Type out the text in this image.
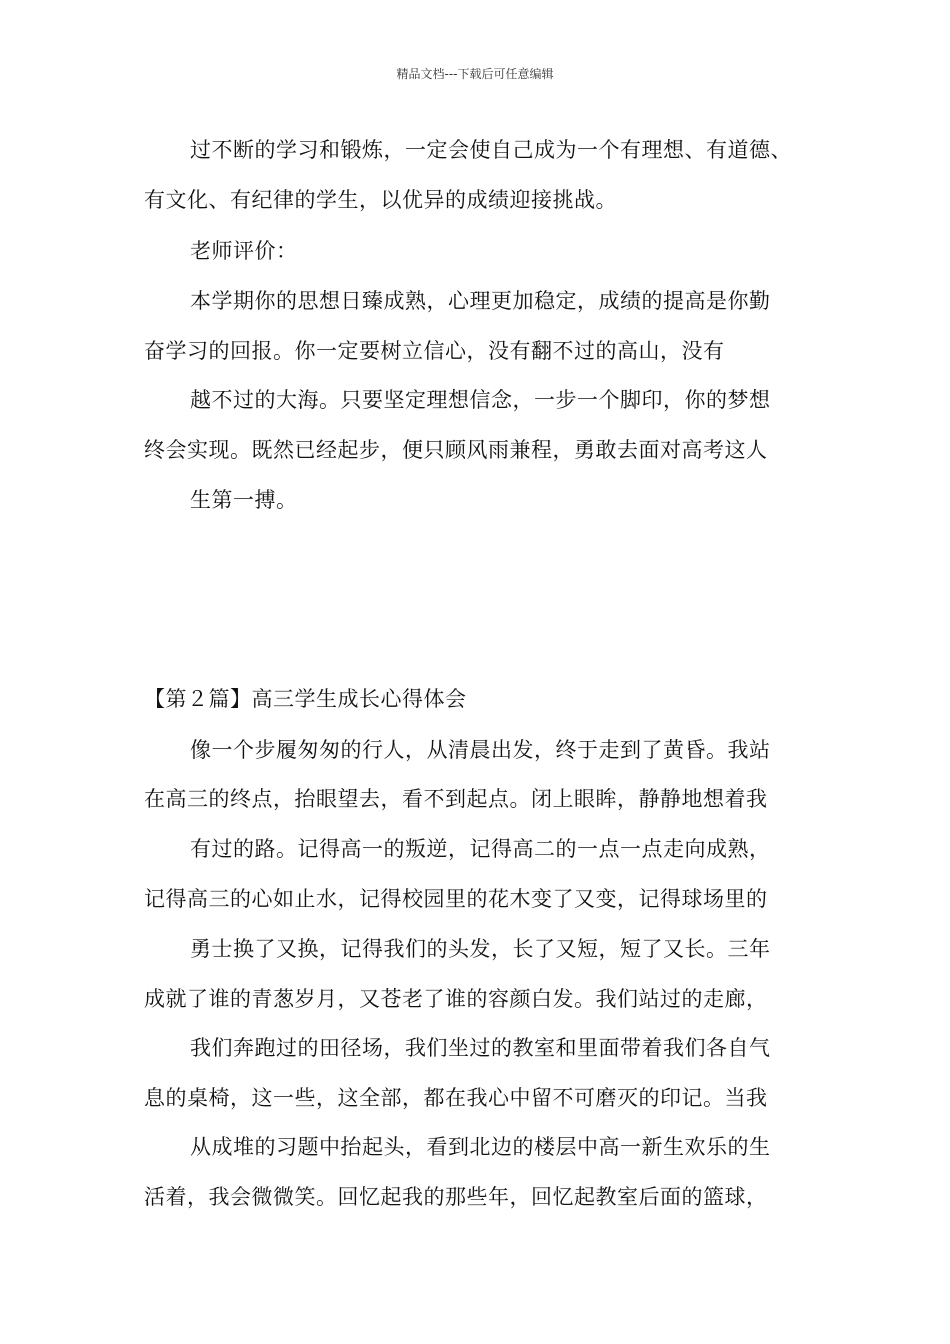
精品文档---下载后可任意编辑
过不断的学习和锻炼，一定会使自己成为一个有理想、有道德、
有文化、有纪律的学生，以优异的成绩迎接挑战。
老师评价：
本学期你的思想日臻成熟，心理更加稳定，成绩的提高是你勤
奋学习的回报。你一定要树立信心，没有翻不过的高山，没有
越不过的大海。只要坚定理想信念，一步一个脚印，你的梦想
终会实现。既然已经起步，便只顾风雨兼程，勇敢去面对高考这人
生第一搏。
【第２篇】高三学生成长心得体会
像一个步履匆匆的行人，从清晨出发，终于走到了黄昏。我站
在高三的终点，抬眼望去，看不到起点。闭上眼眸，静静地想着我
有过的路。记得高一的叛逆，记得高二的一点一点走向成熟，
记得高三的心如止水，记得校园里的花木变了又变，记得球场里的
勇士换了又换，记得我们的头发，长了又短，短了又长。三年
成就了谁的青葱岁月，又苍老了谁的容颜白发。我们站过的走廊，
我们奔跑过的田径场，我们坐过的教室和里面带着我们各自气
息的桌椅，这一些，这全部，都在我心中留不可磨灭的印记。当我
从成堆的习题中抬起头，看到北边的楼层中高一新生欢乐的生
活着，我会微微笑。回忆起我的那些年，回忆起教室后面的篮球，
